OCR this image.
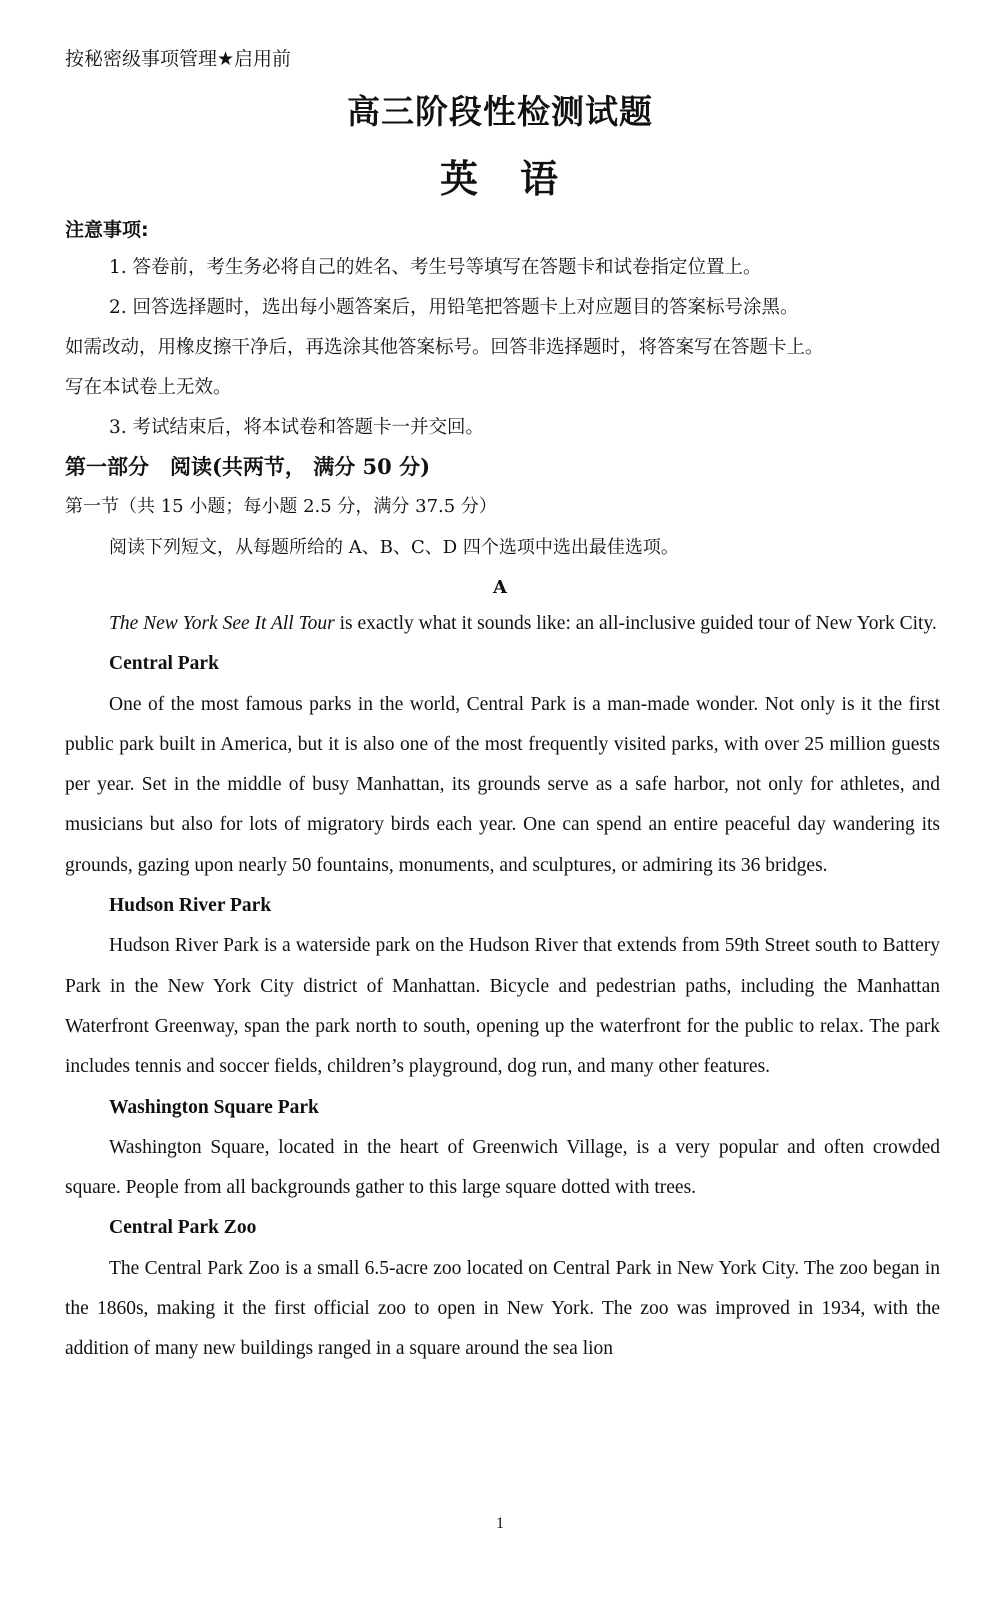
按秘密级事项管理★启用前
高三阶段性检测试题
英　语
注意事项:
1. 答卷前，考生务必将自己的姓名、考生号等填写在答题卡和试卷指定位置上。
2. 回答选择题时，选出每小题答案后，用铅笔把答题卡上对应题目的答案标号涂黑。
如需改动，用橡皮擦干净后，再选涂其他答案标号。回答非选择题时，将答案写在答题卡上。
写在本试卷上无效。
3. 考试结束后，将本试卷和答题卡一并交回。
第一部分　阅读(共两节， 满分 50 分)
第一节（共 15 小题；每小题 2.5 分，满分 37.5 分）
阅读下列短文，从每题所给的 A、B、C、D 四个选项中选出最佳选项。
A

The New York See It All Tour is exactly what it sounds like: an all-inclusive guided tour of New York City.

Central Park

One of the most famous parks in the world, Central Park is a man-made wonder. Not only is it the first public park built in America, but it is also one of the most frequently visited parks, with over 25 million guests per year. Set in the middle of busy Manhattan, its grounds serve as a safe harbor, not only for athletes, and musicians but also for lots of migratory birds each year. One can spend an entire peaceful day wandering its grounds, gazing upon nearly 50 fountains, monuments, and sculptures, or admiring its 36 bridges.

Hudson River Park

Hudson River Park is a waterside park on the Hudson River that extends from 59th Street south to Battery Park in the New York City district of Manhattan. Bicycle and pedestrian paths, including the Manhattan Waterfront Greenway, span the park north to south, opening up the waterfront for the public to relax. The park includes tennis and soccer fields, children’s playground, dog run, and many other features.

Washington Square Park

Washington Square, located in the heart of Greenwich Village, is a very popular and often crowded square. People from all backgrounds gather to this large square dotted with trees.

Central Park Zoo

The Central Park Zoo is a small 6.5-acre zoo located on Central Park in New York City. The zoo began in the 1860s, making it the first official zoo to open in New York. The zoo was improved in 1934, with the addition of many new buildings ranged in a square around the sea lion

1
